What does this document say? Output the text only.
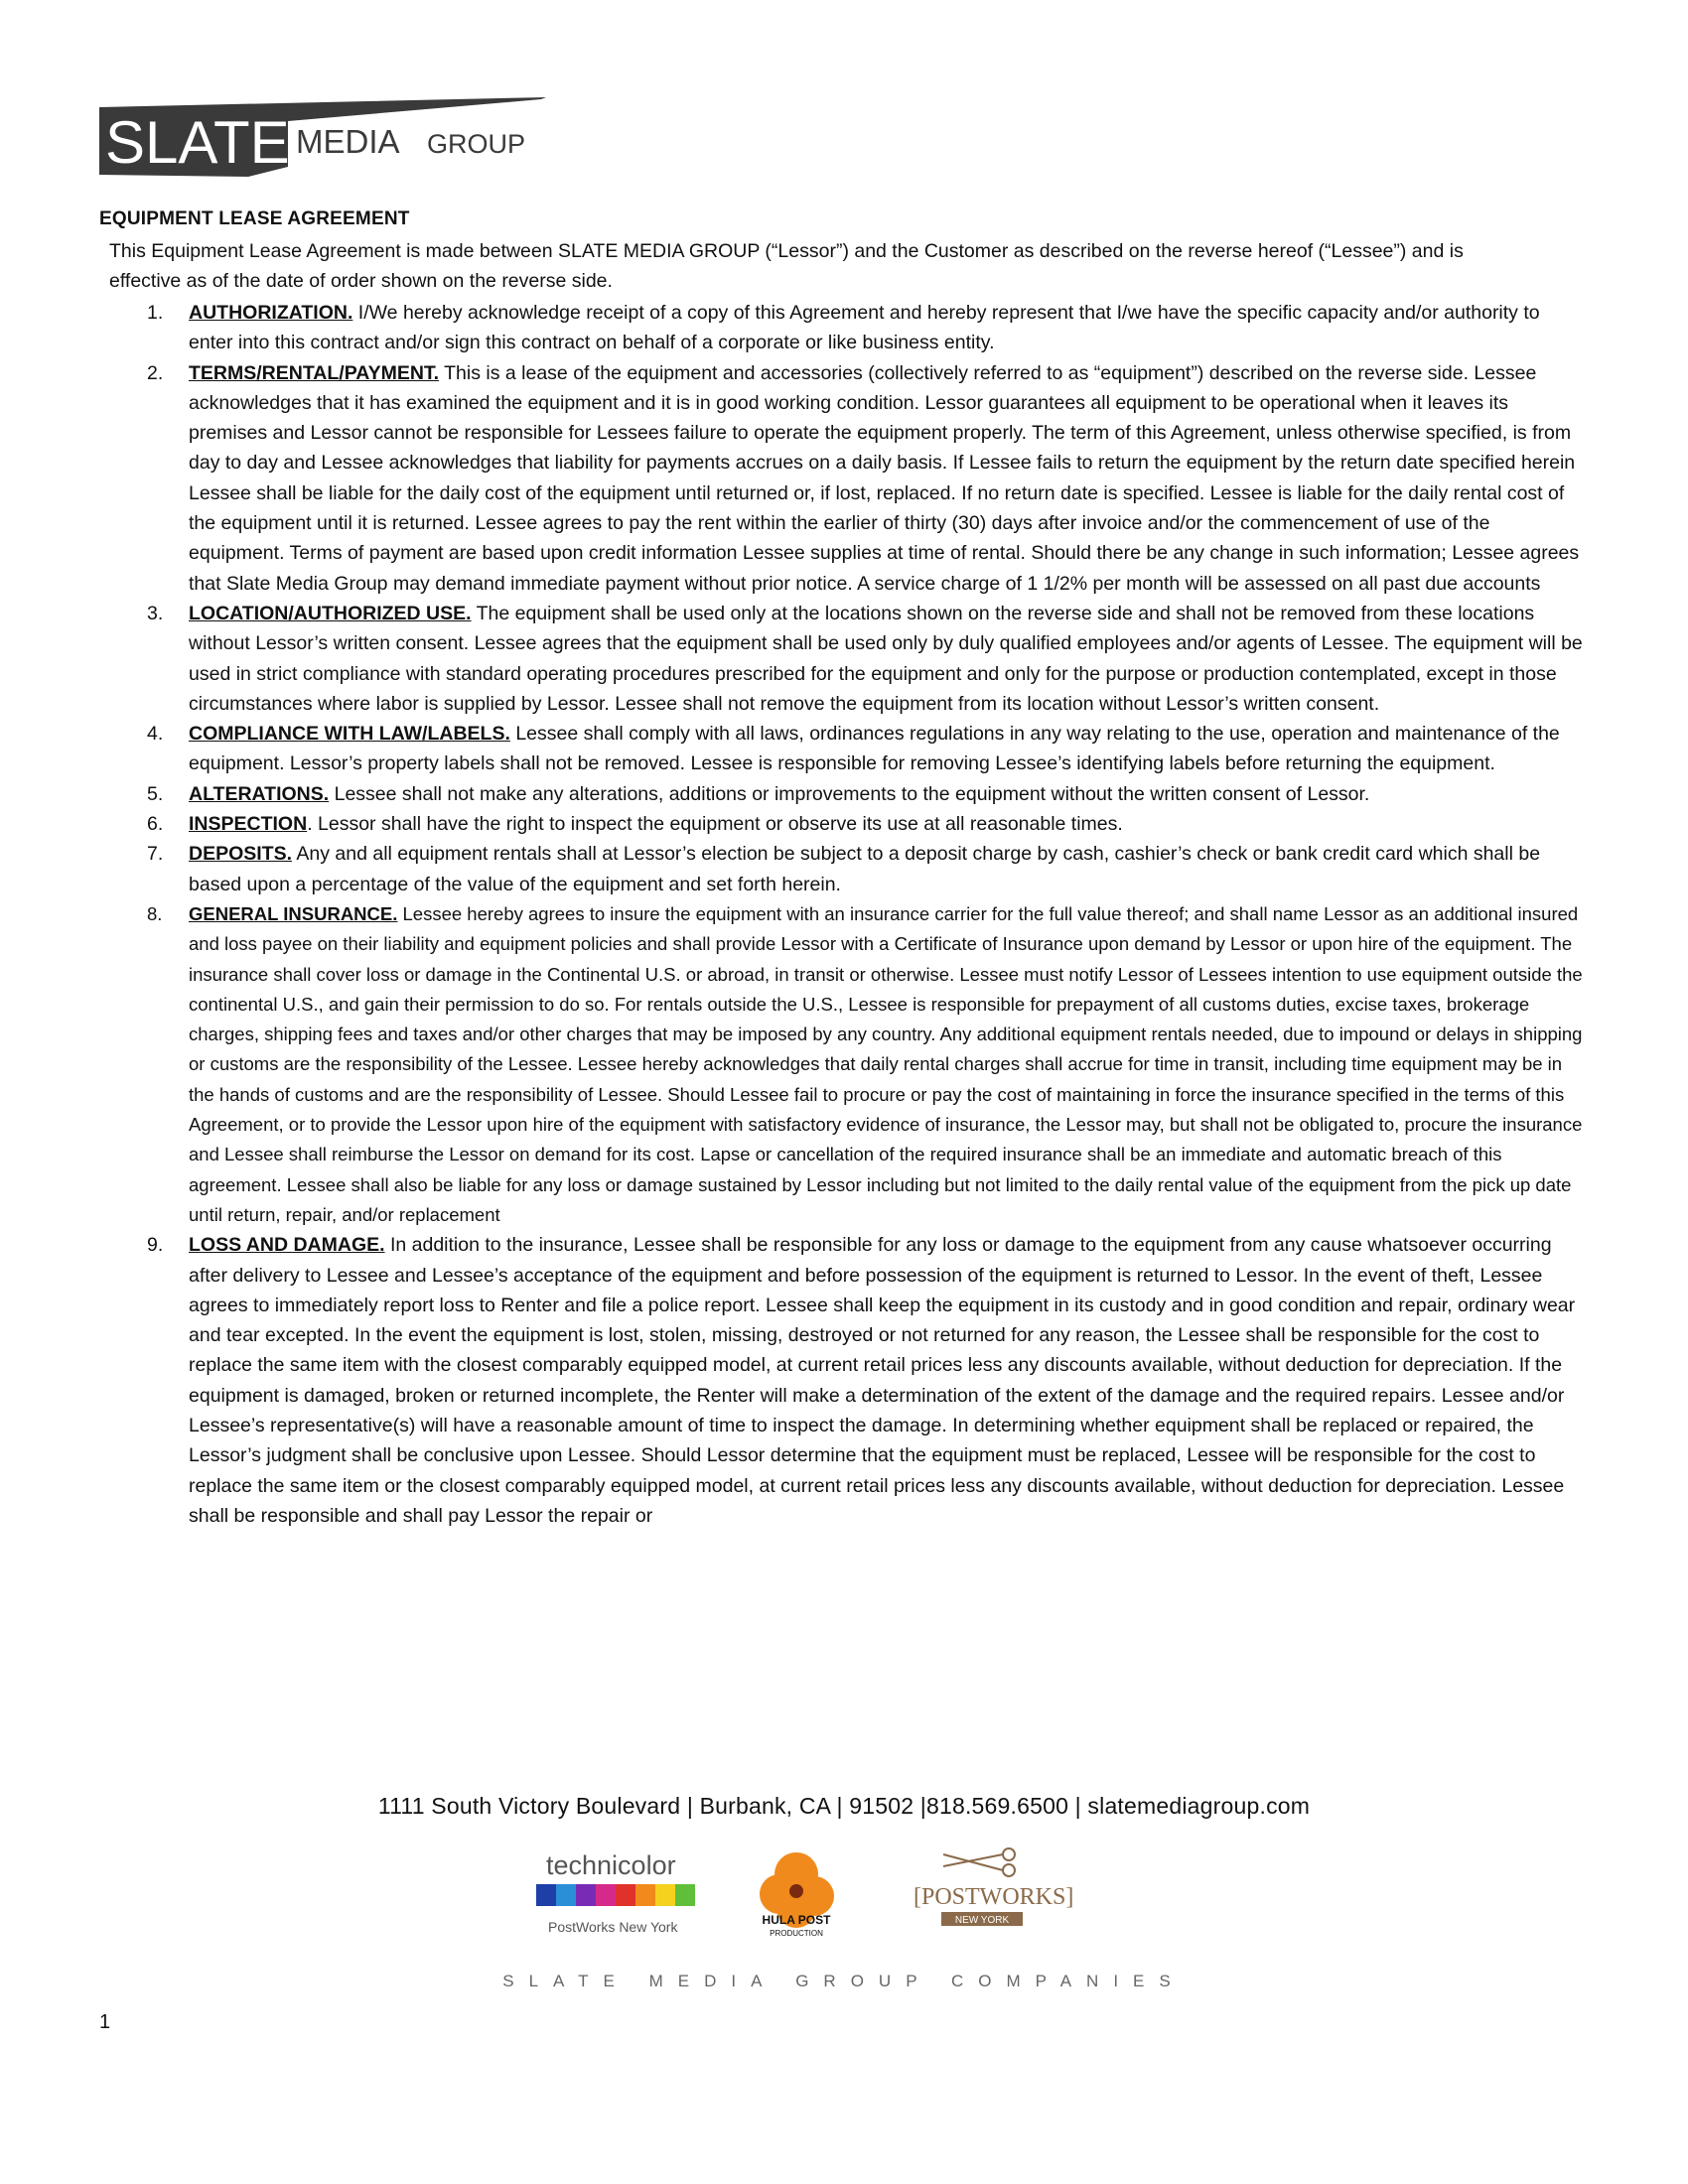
SLATE MEDIA GROUP
EQUIPMENT LEASE AGREEMENT
This Equipment Lease Agreement is made between SLATE MEDIA GROUP (“Lessor”) and the Customer as described on the reverse hereof (“Lessee”) and is effective as of the date of order shown on the reverse side.
1. AUTHORIZATION. I/We hereby acknowledge receipt of a copy of this Agreement and hereby represent that I/we have the specific capacity and/or authority to enter into this contract and/or sign this contract on behalf of a corporate or like business entity.
2. TERMS/RENTAL/PAYMENT. This is a lease of the equipment and accessories (collectively referred to as “equipment”) described on the reverse side. Lessee acknowledges that it has examined the equipment and it is in good working condition. Lessor guarantees all equipment to be operational when it leaves its premises and Lessor cannot be responsible for Lessees failure to operate the equipment properly. The term of this Agreement, unless otherwise specified, is from day to day and Lessee acknowledges that liability for payments accrues on a daily basis. If Lessee fails to return the equipment by the return date specified herein Lessee shall be liable for the daily cost of the equipment until returned or, if lost, replaced. If no return date is specified. Lessee is liable for the daily rental cost of the equipment until it is returned. Lessee agrees to pay the rent within the earlier of thirty (30) days after invoice and/or the commencement of use of the equipment. Terms of payment are based upon credit information Lessee supplies at time of rental. Should there be any change in such information; Lessee agrees that Slate Media Group may demand immediate payment without prior notice. A service charge of 1 1/2% per month will be assessed on all past due accounts
3. LOCATION/AUTHORIZED USE. The equipment shall be used only at the locations shown on the reverse side and shall not be removed from these locations without Lessor’s written consent. Lessee agrees that the equipment shall be used only by duly qualified employees and/or agents of Lessee. The equipment will be used in strict compliance with standard operating procedures prescribed for the equipment and only for the purpose or production contemplated, except in those circumstances where labor is supplied by Lessor. Lessee shall not remove the equipment from its location without Lessor’s written consent.
4. COMPLIANCE WITH LAW/LABELS. Lessee shall comply with all laws, ordinances regulations in any way relating to the use, operation and maintenance of the equipment. Lessor’s property labels shall not be removed. Lessee is responsible for removing Lessee’s identifying labels before returning the equipment.
5. ALTERATIONS. Lessee shall not make any alterations, additions or improvements to the equipment without the written consent of Lessor.
6. INSPECTION. Lessor shall have the right to inspect the equipment or observe its use at all reasonable times.
7. DEPOSITS. Any and all equipment rentals shall at Lessor’s election be subject to a deposit charge by cash, cashier’s check or bank credit card which shall be based upon a percentage of the value of the equipment and set forth herein.
8. GENERAL INSURANCE. Lessee hereby agrees to insure the equipment with an insurance carrier for the full value thereof; and shall name Lessor as an additional insured and loss payee on their liability and equipment policies and shall provide Lessor with a Certificate of Insurance upon demand by Lessor or upon hire of the equipment. The insurance shall cover loss or damage in the Continental U.S. or abroad, in transit or otherwise. Lessee must notify Lessor of Lessees intention to use equipment outside the continental U.S., and gain their permission to do so. For rentals outside the U.S., Lessee is responsible for prepayment of all customs duties, excise taxes, brokerage charges, shipping fees and taxes and/or other charges that may be imposed by any country. Any additional equipment rentals needed, due to impound or delays in shipping or customs are the responsibility of the Lessee. Lessee hereby acknowledges that daily rental charges shall accrue for time in transit, including time equipment may be in the hands of customs and are the responsibility of Lessee. Should Lessee fail to procure or pay the cost of maintaining in force the insurance specified in the terms of this Agreement, or to provide the Lessor upon hire of the equipment with satisfactory evidence of insurance, the Lessor may, but shall not be obligated to, procure the insurance and Lessee shall reimburse the Lessor on demand for its cost. Lapse or cancellation of the required insurance shall be an immediate and automatic breach of this agreement. Lessee shall also be liable for any loss or damage sustained by Lessor including but not limited to the daily rental value of the equipment from the pick up date until return, repair, and/or replacement
9. LOSS AND DAMAGE. In addition to the insurance, Lessee shall be responsible for any loss or damage to the equipment from any cause whatsoever occurring after delivery to Lessee and Lessee’s acceptance of the equipment and before possession of the equipment is returned to Lessor. In the event of theft, Lessee agrees to immediately report loss to Renter and file a police report. Lessee shall keep the equipment in its custody and in good condition and repair, ordinary wear and tear excepted. In the event the equipment is lost, stolen, missing, destroyed or not returned for any reason, the Lessee shall be responsible for the cost to replace the same item with the closest comparably equipped model, at current retail prices less any discounts available, without deduction for depreciation. If the equipment is damaged, broken or returned incomplete, the Renter will make a determination of the extent of the damage and the required repairs. Lessee and/or Lessee’s representative(s) will have a reasonable amount of time to inspect the damage. In determining whether equipment shall be replaced or repaired, the Lessor’s judgment shall be conclusive upon Lessee. Should Lessor determine that the equipment must be replaced, Lessee will be responsible for the cost to replace the same item or the closest comparably equipped model, at current retail prices less any discounts available, without deduction for depreciation. Lessee shall be responsible and shall pay Lessor the repair or
1111 South Victory Boulevard | Burbank, CA | 91502 |818.569.6500 | slatemediagroup.com
technicolor
PostWorks New York	HULA POST
PRODUCTION
[POSTWORKS]
NEW YORK
SLATE MEDIA GROUP COMPANIES
1
